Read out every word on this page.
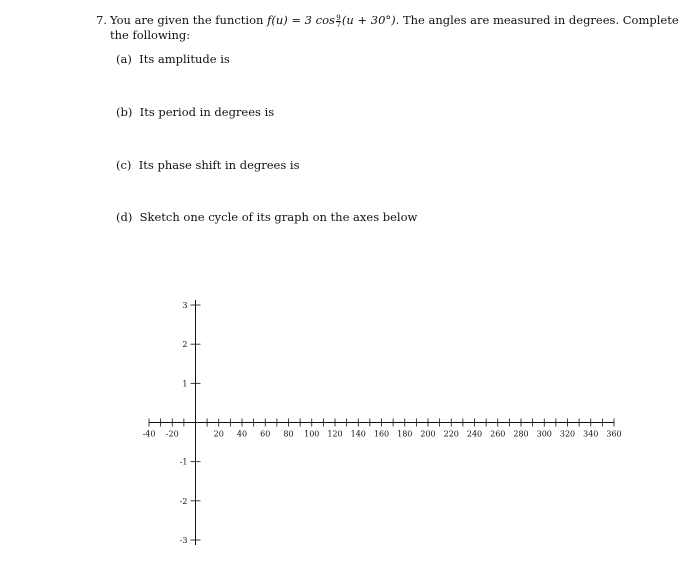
7. You are given the function f(u) = 3 $\cos \frac{9}{7} (u + 30^\circ)$. The angles are measured in degrees. Complete
the following:
(a) Its amplitude is
(b) Its period in degrees is
(c) Its phase shift in degrees is
(d) Sketch one cycle of its graph on the axes below
-40 -20	20 40 60 80 100 120 140 160 180 200 220 240 260 280 300 320 340 360
3
2
1
-1
-2
-3
